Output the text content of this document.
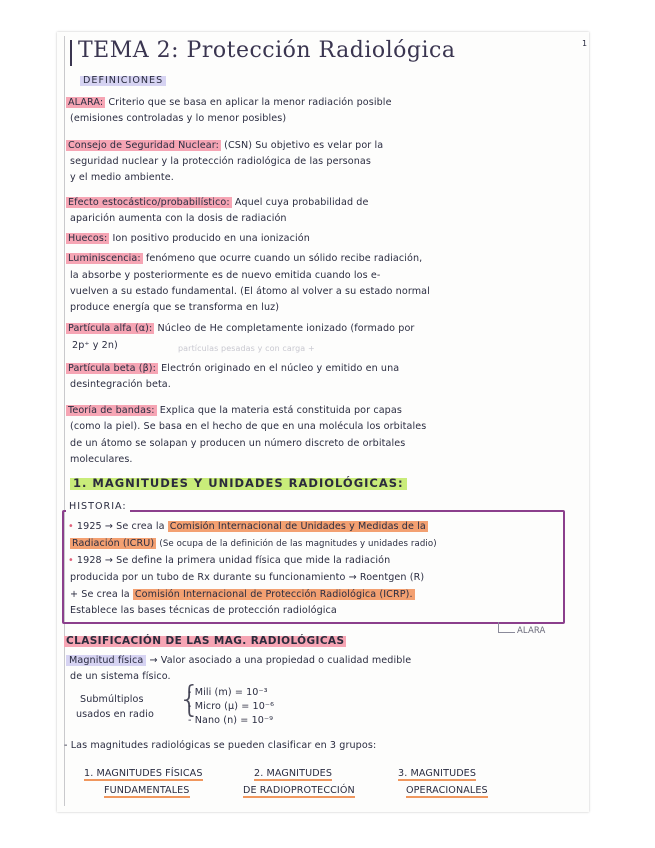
1
TEMA 2: Protección Radiológica
DEFINICIONES
ALARA: Criterio que se basa en aplicar la menor radiación posible
(emisiones controladas y lo menor posibles)
Consejo de Seguridad Nuclear: (CSN) Su objetivo es velar por la
seguridad nuclear y la protección radiológica de las personas
y el medio ambiente.
Efecto estocástico/probabilístico: Aquel cuya probabilidad de
aparición aumenta con la dosis de radiación
Huecos: Ion positivo producido en una ionización
Luminiscencia: fenómeno que ocurre cuando un sólido recibe radiación,
la absorbe y posteriormente es de nuevo emitida cuando los e-
vuelven a su estado fundamental. (El átomo al volver a su estado normal
produce energía que se transforma en luz)
Partícula alfa (α): Núcleo de He completamente ionizado (formado por
2p⁺ y 2n)	partículas pesadas y con carga +
Partícula beta (β): Electrón originado en el núcleo y emitido en una
desintegración beta.
Teoría de bandas: Explica que la materia está constituida por capas
(como la piel). Se basa en el hecho de que en una molécula los orbitales
de un átomo se solapan y producen un número discreto de orbitales
moleculares.
1. MAGNITUDES Y UNIDADES RADIOLÓGICAS:
HISTORIA:
• 1925 → Se crea la Comisión Internacional de Unidades y Medidas de la
Radiación (ICRU) (Se ocupa de la definición de las magnitudes y unidades radio)
• 1928 → Se define la primera unidad física que mide la radiación
producida por un tubo de Rx durante su funcionamiento → Roentgen (R)
+ Se crea la Comisión Internacional de Protección Radiológica (ICRP).
Establece las bases técnicas de protección radiológica
ALARA
CLASIFICACIÓN DE LAS MAG. RADIOLÓGICAS
Magnitud física → Valor asociado a una propiedad o cualidad medible
de un sistema físico.
Submúltiplos
usados en radio {
- Mili (m) = 10⁻³
- Micro (μ) = 10⁻⁶
- Nano (n) = 10⁻⁹
- Las magnitudes radiológicas se pueden clasificar en 3 grupos:
1. MAGNITUDES FÍSICAS
FUNDAMENTALES
2. MAGNITUDES
DE RADIOPROTECCIÓN
3. MAGNITUDES
OPERACIONALES
